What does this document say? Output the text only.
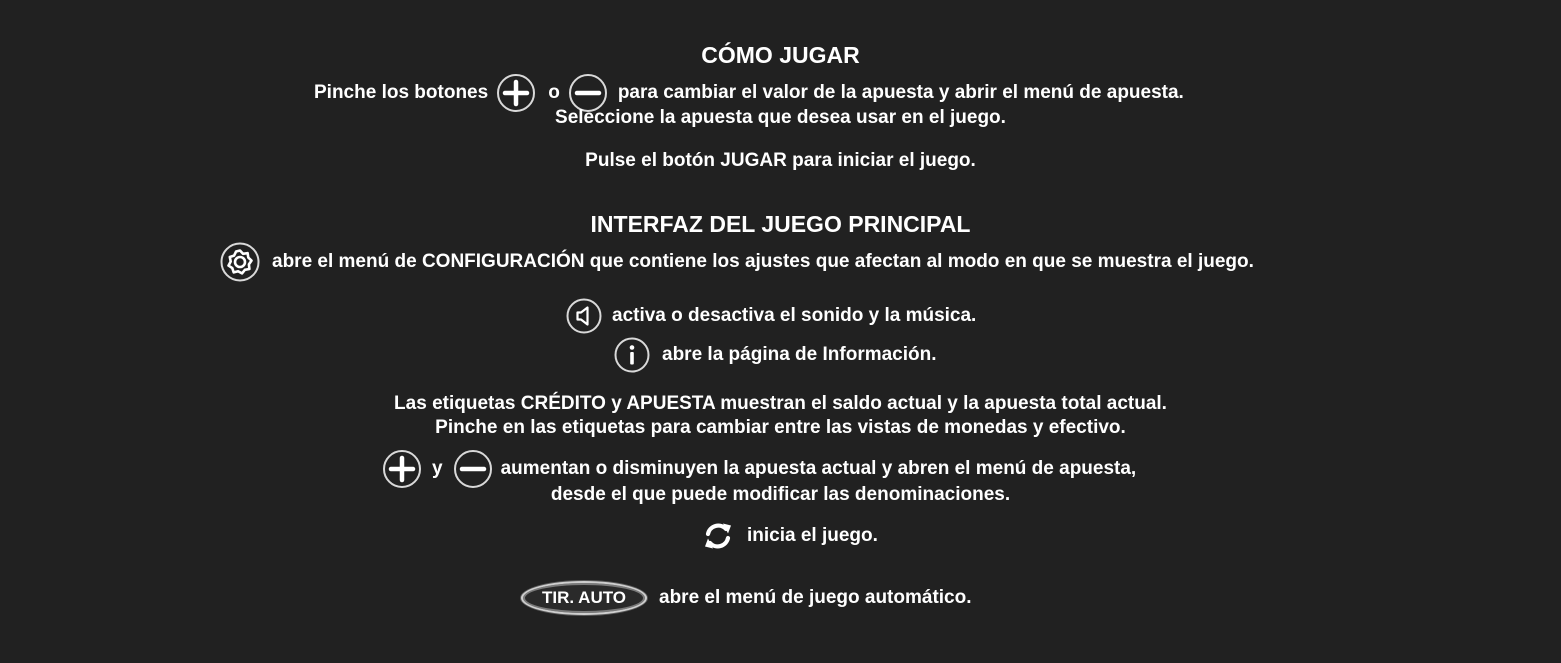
CÓMO JUGAR
Pinche los botones	o	para cambiar el valor de la apuesta y abrir el menú de apuesta.
Seleccione la apuesta que desea usar en el juego.
Pulse el botón JUGAR para iniciar el juego.
INTERFAZ DEL JUEGO PRINCIPAL
abre el menú de CONFIGURACIÓN que contiene los ajustes que afectan al modo en que se muestra el juego.
activa o desactiva el sonido y la música.
abre la página de Información.
Las etiquetas CRÉDITO y APUESTA muestran el saldo actual y la apuesta total actual.
Pinche en las etiquetas para cambiar entre las vistas de monedas y efectivo.
y	aumentan o disminuyen la apuesta actual y abren el menú de apuesta,
desde el que puede modificar las denominaciones.
inicia el juego.
TIR. AUTO	abre el menú de juego automático.
